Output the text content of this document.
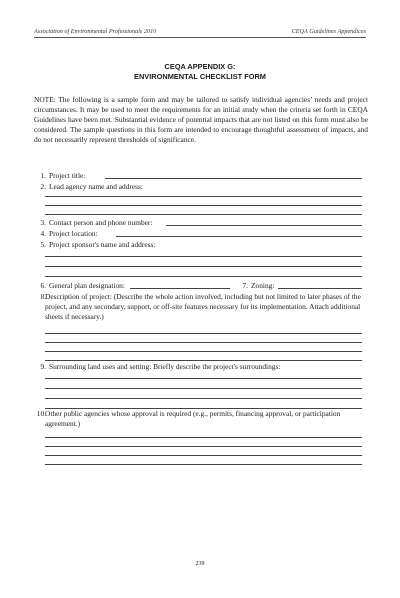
Association of Environmental Professionals 2010	CEQA Guidelines Appendices
CEQA APPENDIX G:
ENVIRONMENTAL CHECKLIST FORM
NOTE: The following is a sample form and may be tailored to satisfy individual agencies’ needs and project circumstances. It may be used to meet the requirements for an initial study when the criteria set forth in CEQA Guidelines have been met. Substantial evidence of potential impacts that are not listed on this form must also be considered. The sample questions in this form are intended to encourage thoughtful assessment of impacts, and do not necessarily represent thresholds of significance.
1. Project title:
2. Lead agency name and address:
3. Contact person and phone number:
4. Project location:
5. Project sponsor's name and address:
6. General plan designation:	7. Zoning:
8. Description of project: (Describe the whole action involved, including but not limited to later phases of the project, and any secondary, support, or off-site features necessary for its implementation. Attach additional sheets if necessary.)
9. Surrounding land uses and setting: Briefly describe the project's surroundings:
10. Other public agencies whose approval is required (e.g., permits, financing approval, or participation agreement.)
239
